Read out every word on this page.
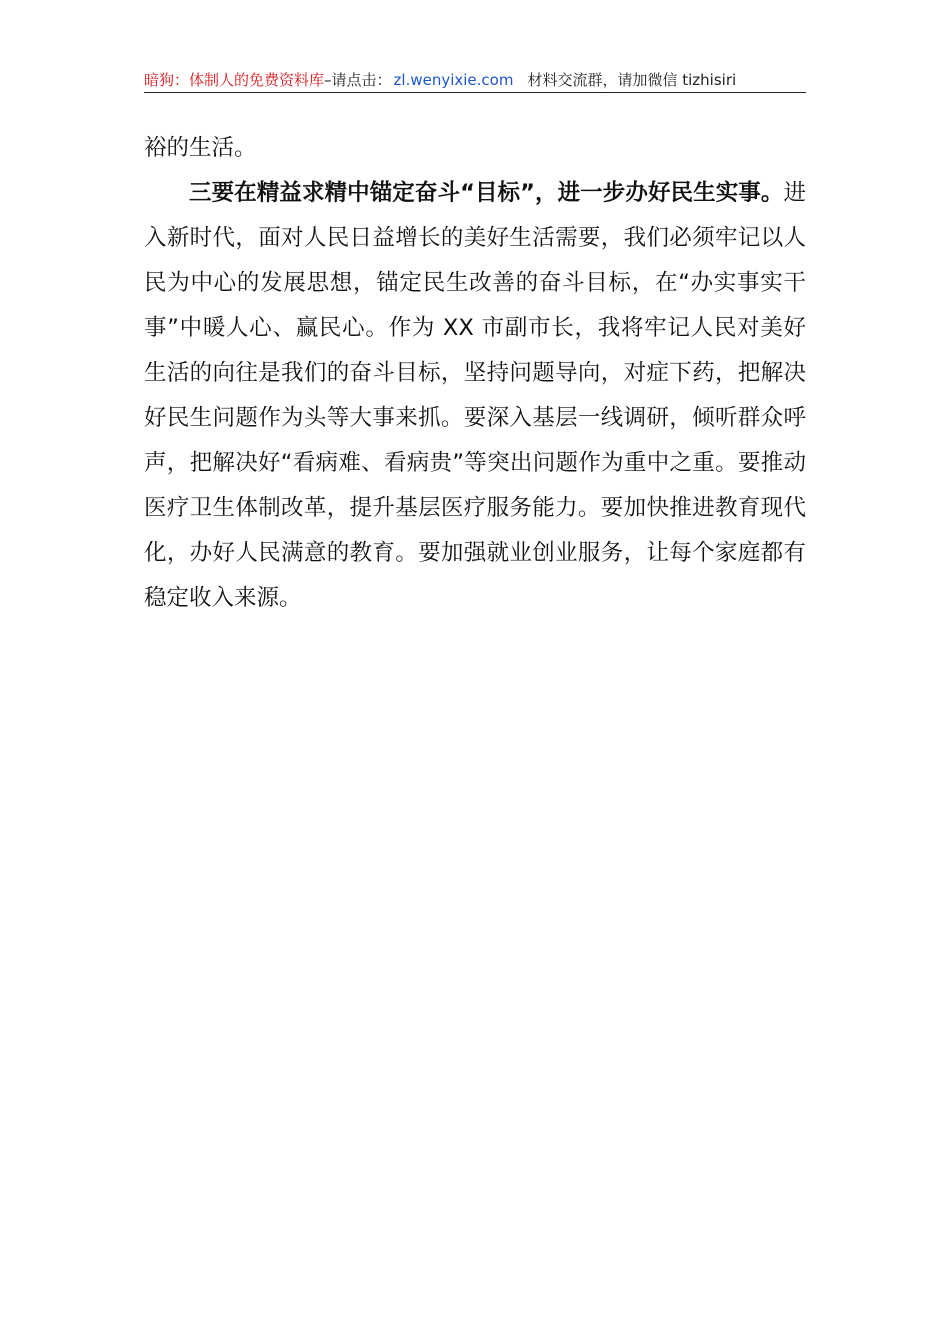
暗狗：体制人的免费资料库–请点击： zl.wenyixie.com 材料交流群，请加微信 tizhisiri

裕的生活。

三要在精益求精中锚定奋斗“目标”，进一步办好民生实事。进入新时代，面对人民日益增长的美好生活需要，我们必须牢记以人民为中心的发展思想，锚定民生改善的奋斗目标，在“办实事实干事”中暖人心、赢民心。作为 XX 市副市长，我将牢记人民对美好生活的向往是我们的奋斗目标，坚持问题导向，对症下药，把解决好民生问题作为头等大事来抓。要深入基层一线调研，倾听群众呼声，把解决好“看病难、看病贵”等突出问题作为重中之重。要推动医疗卫生体制改革，提升基层医疗服务能力。要加快推进教育现代化，办好人民满意的教育。要加强就业创业服务，让每个家庭都有稳定收入来源。
